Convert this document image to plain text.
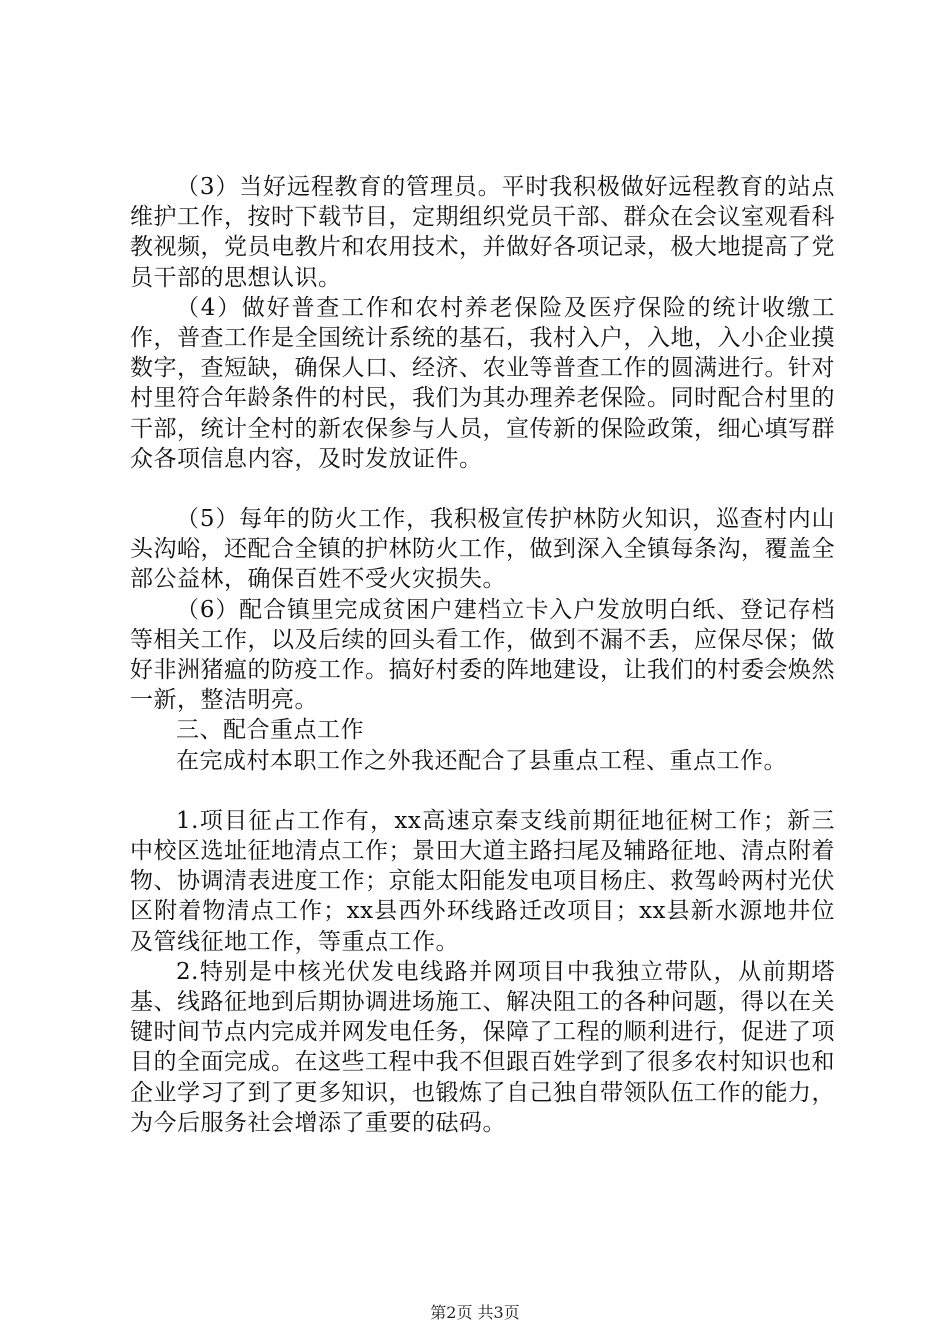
（3）当好远程教育的管理员。平时我积极做好远程教育的站点维护工作，按时下载节目，定期组织党员干部、群众在会议室观看科教视频，党员电教片和农用技术，并做好各项记录，极大地提高了党员干部的思想认识。

（4）做好普查工作和农村养老保险及医疗保险的统计收缴工作，普查工作是全国统计系统的基石，我村入户，入地，入小企业摸数字，查短缺，确保人口、经济、农业等普查工作的圆满进行。针对村里符合年龄条件的村民，我们为其办理养老保险。同时配合村里的干部，统计全村的新农保参与人员，宣传新的保险政策，细心填写群众各项信息内容，及时发放证件。

（5）每年的防火工作，我积极宣传护林防火知识，巡查村内山头沟峪，还配合全镇的护林防火工作，做到深入全镇每条沟，覆盖全部公益林，确保百姓不受火灾损失。

（6）配合镇里完成贫困户建档立卡入户发放明白纸、登记存档等相关工作，以及后续的回头看工作，做到不漏不丢，应保尽保；做好非洲猪瘟的防疫工作。搞好村委的阵地建设，让我们的村委会焕然一新，整洁明亮。

三、配合重点工作

在完成村本职工作之外我还配合了县重点工程、重点工作。

1.项目征占工作有，xx高速京秦支线前期征地征树工作；新三中校区选址征地清点工作；景田大道主路扫尾及辅路征地、清点附着物、协调清表进度工作；京能太阳能发电项目杨庄、救驾岭两村光伏区附着物清点工作；xx县西外环线路迁改项目；xx县新水源地井位及管线征地工作，等重点工作。

2.特别是中核光伏发电线路并网项目中我独立带队，从前期塔基、线路征地到后期协调进场施工、解决阻工的各种问题，得以在关键时间节点内完成并网发电任务，保障了工程的顺利进行，促进了项目的全面完成。在这些工程中我不但跟百姓学到了很多农村知识也和企业学习了到了更多知识，也锻炼了自己独自带领队伍工作的能力，为今后服务社会增添了重要的砝码。

第2页 共3页
